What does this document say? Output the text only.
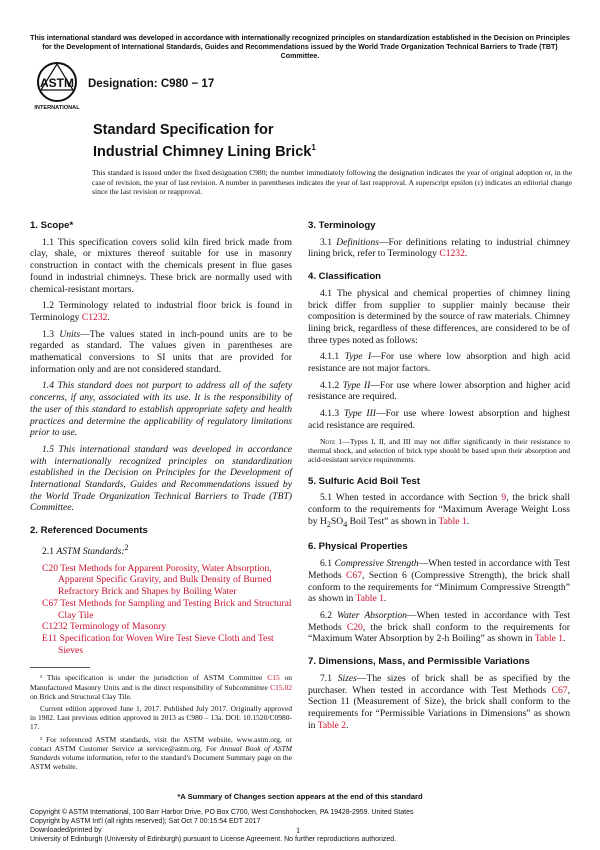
This international standard was developed in accordance with internationally recognized principles on standardization established in the Decision on Principles for the Development of International Standards, Guides and Recommendations issued by the World Trade Organization Technical Barriers to Trade (TBT) Committee.
ASTM
INTERNATIONAL
Designation: C980 − 17
Standard Specification for
Industrial Chimney Lining Brick$^1$
This standard is issued under the fixed designation C980; the number immediately following the designation indicates the year of original adoption or, in the case of revision, the year of last revision. A number in parentheses indicates the year of last reapproval. A superscript epsilon (ε) indicates an editorial change since the last revision or reapproval.
1. Scope*

1.1 This specification covers solid kiln fired brick made from clay, shale, or mixtures thereof suitable for use in masonry construction in contact with the chemicals present in flue gases found in industrial chimneys. These brick are normally used with chemical-resistant mortars.

1.2 Terminology related to industrial floor brick is found in Terminology C1232.

1.3 Units—The values stated in inch-pound units are to be regarded as standard. The values given in parentheses are mathematical conversions to SI units that are provided for information only and are not considered standard.

1.4 This standard does not purport to address all of the safety concerns, if any, associated with its use. It is the responsibility of the user of this standard to establish appropriate safety and health practices and determine the applicability of regulatory limitations prior to use.

1.5 This international standard was developed in accordance with internationally recognized principles on standardization established in the Decision on Principles for the Development of International Standards, Guides and Recommendations issued by the World Trade Organization Technical Barriers to Trade (TBT) Committee.

2. Referenced Documents

2.1 ASTM Standards:$^2$

C20 Test Methods for Apparent Porosity, Water Absorption, Apparent Specific Gravity, and Bulk Density of Burned Refractory Brick and Shapes by Boiling Water
C67 Test Methods for Sampling and Testing Brick and Structural Clay Tile
C1232 Terminology of Masonry
E11 Specification for Woven Wire Test Sieve Cloth and Test Sieves
¹ This specification is under the jurisdiction of ASTM Committee C15 on Manufactured Masonry Units and is the direct responsibility of Subcommittee C15.02 on Brick and Structural Clay Tile.
Current edition approved June 1, 2017. Published July 2017. Originally approved in 1982. Last previous edition approved in 2013 as C980 – 13a. DOI: 10.1520/C0980-17.
² For referenced ASTM standards, visit the ASTM website, www.astm.org, or contact ASTM Customer Service at service@astm.org. For Annual Book of ASTM Standards volume information, refer to the standard’s Document Summary page on the ASTM website.
3. Terminology

3.1 Definitions—For definitions relating to industrial chimney lining brick, refer to Terminology C1232.

4. Classification

4.1 The physical and chemical properties of chimney lining brick differ from supplier to supplier mainly because their composition is determined by the source of raw materials. Chimney lining brick, regardless of these differences, are considered to be of three types noted as follows:

4.1.1 Type I—For use where low absorption and high acid resistance are not major factors.

4.1.2 Type II—For use where lower absorption and higher acid resistance are required.

4.1.3 Type III—For use where lowest absorption and highest acid resistance are required.

Note 1—Types I, II, and III may not differ significantly in their resistance to thermal shock, and selection of brick type should be based upon their absorption and acid-resistant service requirements.
5. Sulfuric Acid Boil Test

5.1 When tested in accordance with Section 9, the brick shall conform to the requirements for “Maximum Average Weight Loss by $H_2SO_4$ Boil Test” as shown in Table 1.

6. Physical Properties

6.1 Compressive Strength—When tested in accordance with Test Methods C67, Section 6 (Compressive Strength), the brick shall conform to the requirements for “Minimum Compressive Strength” as shown in Table 1.

6.2 Water Absorption—When tested in accordance with Test Methods C20, the brick shall conform to the requirements for “Maximum Water Absorption by 2-h Boiling” as shown in Table 1.

7. Dimensions, Mass, and Permissible Variations

7.1 Sizes—The sizes of brick shall be as specified by the purchaser. When tested in accordance with Test Methods C67, Section 11 (Measurement of Size), the brick shall conform to the requirements for “Permissible Variations in Dimensions” as shown in Table 2.

*A Summary of Changes section appears at the end of this standard
Copyright © ASTM International, 100 Barr Harbor Drive, PO Box C700, West Conshohocken, PA 19428-2959. United States
Copyright by ASTM Int'l (all rights reserved); Sat Oct 7 00:15:54 EDT 2017
Downloaded/printed by
University of Edinburgh (University of Edinburgh) pursuant to License Agreement. No further reproductions authorized.
1
